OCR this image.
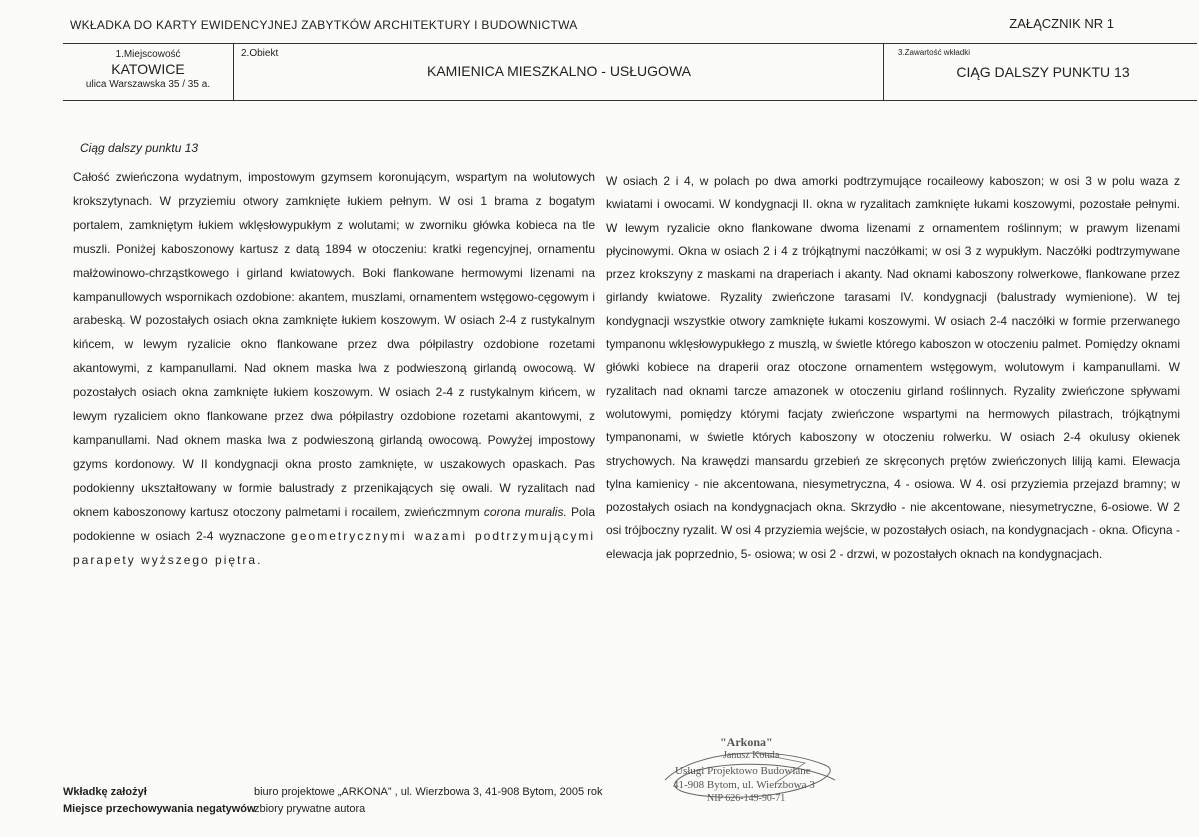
WKŁADKA DO KARTY EWIDENCYJNEJ ZABYTKÓW ARCHITEKTURY I BUDOWNICTWA	ZAŁĄCZNIK NR 1
1.Miejscowość
KATOWICE
ulica Warszawska 35 / 35 a.
2.Obiekt
KAMIENICA MIESZKALNO - USŁUGOWA
3.Zawartość wkładki
CIĄG DALSZY PUNKTU 13
Ciąg dalszy punktu 13

Całość zwieńczona wydatnym, impostowym gzymsem koronującym, wspartym na wolutowych krokszytynach. W przyziemiu otwory zamknięte łukiem pełnym. W osi 1 brama z bogatym portalem, zamkniętym łukiem wklęsłowypukłym z wolutami; w zworniku główka kobieca na tle muszli. Poniżej kaboszonowy kartusz z datą 1894 w otoczeniu: kratki regencyjnej, ornamentu małżowinowo-chrząstkowego i girland kwiatowych. Boki flankowane hermowymi lizenami na kampanullowych wspornikach ozdobione: akantem, muszlami, ornamentem wstęgowo-cęgowym i arabeską. W pozostałych osiach okna zamknięte łukiem koszowym. W osiach 2-4 z rustykalnym kińcem, w lewym ryzalicie okno flankowane przez dwa półpilastry ozdobione rozetami akantowymi, z kampanullami. Nad oknem maska lwa z podwieszoną girlandą owocową. W pozostałych osiach okna zamknięte łukiem koszowym. W osiach 2-4 z rustykalnym kińcem, w lewym ryzaliciem okno flankowane przez dwa półpilastry ozdobione rozetami akantowymi, z kampanullami. Nad oknem maska lwa z podwieszoną girlandą owocową. Powyżej impostowy gzyms kordonowy. W II kondygnacji okna prosto zamknięte, w uszakowych opaskach. Pas podokienny ukształtowany w formie balustrady z przenikających się owali. W ryzalitach nad oknem kaboszonowy kartusz otoczony palmetami i rocailem, zwieńczmnym corona muralis. Pola podokienne w osiach 2-4 wyznaczone geometrycznymi wazami podtrzymującymi parapety wyższego piętra.

W osiach 2 i 4, w polach po dwa amorki podtrzymujące rocaileowy kaboszon; w osi 3 w polu waza z kwiatami i owocami. W kondygnacji II. okna w ryzalitach zamknięte łukami koszowymi, pozostałe pełnymi. W lewym ryzalicie okno flankowane dwoma lizenami z ornamentem roślinnym; w prawym lizenami płycinowymi. Okna w osiach 2 i 4 z trójkątnymi naczółkami; w osi 3 z wypukłym. Naczółki podtrzymywane przez krokszyny z maskami na draperiach i akanty. Nad oknami kaboszony rolwerkowe, flankowane przez girlandy kwiatowe. Ryzality zwieńczone tarasami IV. kondygnacji (balustrady wymienione). W tej kondygnacji wszystkie otwory zamknięte łukami koszowymi. W osiach 2-4 naczółki w formie przerwanego tympanonu wklęsłowypukłego z muszlą, w świetle którego kaboszon w otoczeniu palmet. Pomiędzy oknami główki kobiece na draperii oraz otoczone ornamentem wstęgowym, wolutowym i kampanullami. W ryzalitach nad oknami tarcze amazonek w otoczeniu girland roślinnych. Ryzality zwieńczone spływami wolutowymi, pomiędzy którymi facjaty zwieńczone wspartymi na hermowych pilastrach, trójkątnymi tympanonami, w świetle których kaboszony w otoczeniu rolwerku. W osiach 2-4 okulusy okienek strychowych. Na krawędzi mansardu grzebień ze skręconych prętów zwieńczonych liliją kami. Elewacja tylna kamienicy - nie akcentowana, niesymetryczna, 4 - osiowa. W 4. osi przyziemia przejazd bramny; w pozostałych osiach na kondygnacjach okna. Skrzydło - nie akcentowane, niesymetryczne, 6-osiowe. W 2 osi trójboczny ryzalit. W osi 4 przyziemia wejście, w pozostałych osiach, na kondygnacjach - okna. Oficyna - elewacja jak poprzednio, 5- osiowa; w osi 2 - drzwi, w pozostałych oknach na kondygnacjach.

Wkładkę założył	biuro projektowe „ARKONA” , ul. Wierzbowa 3, 41-908 Bytom, 2005 rok
Miejsce przechowywania negatywów
zbiory prywatne autora
"Arkona"
Janusz Kotula
Usługi Projektowo Budowlane
41-908 Bytom, ul. Wierzbowa 3
NIP 626-149-90-71
